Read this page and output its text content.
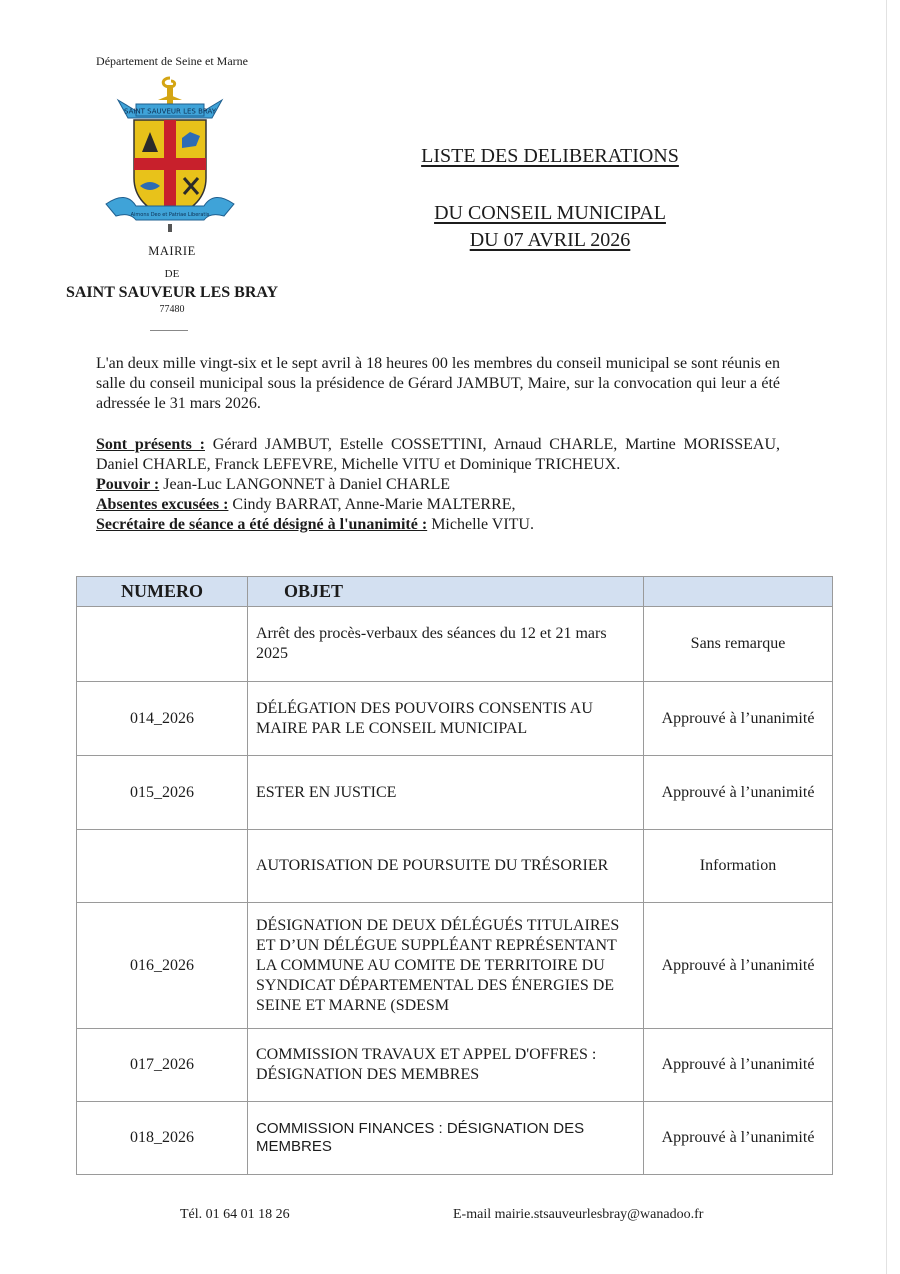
Département de Seine et Marne
SAINT SAUVEUR LES BRAY
Aimons Deo et Patriae Liberatis
MAIRIE
DE
SAINT SAUVEUR LES BRAY
77480
LISTE DES DELIBERATIONS
DU CONSEIL MUNICIPAL
DU 07 AVRIL 2026
L'an deux mille vingt-six et le sept avril à 18 heures 00 les membres du conseil municipal se sont réunis en salle du conseil municipal sous la présidence de Gérard JAMBUT, Maire, sur la convocation qui leur a été adressée le 31 mars 2026.

Sont présents : Gérard JAMBUT, Estelle COSSETTINI, Arnaud CHARLE, Martine MORISSEAU, Daniel CHARLE, Franck LEFEVRE, Michelle VITU et Dominique TRICHEUX.

Pouvoir : Jean-Luc LANGONNET à Daniel CHARLE

Absentes excusées : Cindy BARRAT, Anne-Marie MALTERRE,

Secrétaire de séance a été désigné à l'unanimité : Michelle VITU.

NUMERO	OBJET	
	Arrêt des procès-verbaux des séances du 12 et 21 mars 2025	Sans remarque
014_2026	DÉLÉGATION DES POUVOIRS CONSENTIS AU MAIRE PAR LE CONSEIL MUNICIPAL	Approuvé à l’unanimité
015_2026	ESTER EN JUSTICE	Approuvé à l’unanimité
	AUTORISATION DE POURSUITE DU TRÉSORIER	Information
016_2026	DÉSIGNATION DE DEUX DÉLÉGUÉS TITULAIRES ET D’UN DÉLÉGUE SUPPLÉANT REPRÉSENTANT LA COMMUNE AU COMITE DE TERRITOIRE DU SYNDICAT DÉPARTEMENTAL DES ÉNERGIES DE SEINE ET MARNE (SDESM	Approuvé à l’unanimité
017_2026	COMMISSION TRAVAUX ET APPEL D'OFFRES : DÉSIGNATION DES MEMBRES	Approuvé à l’unanimité
018_2026	COMMISSION FINANCES : DÉSIGNATION DES MEMBRES	Approuvé à l’unanimité
Tél. 01 64 01 18 26	E-mail mairie.stsauveurlesbray@wanadoo.fr
